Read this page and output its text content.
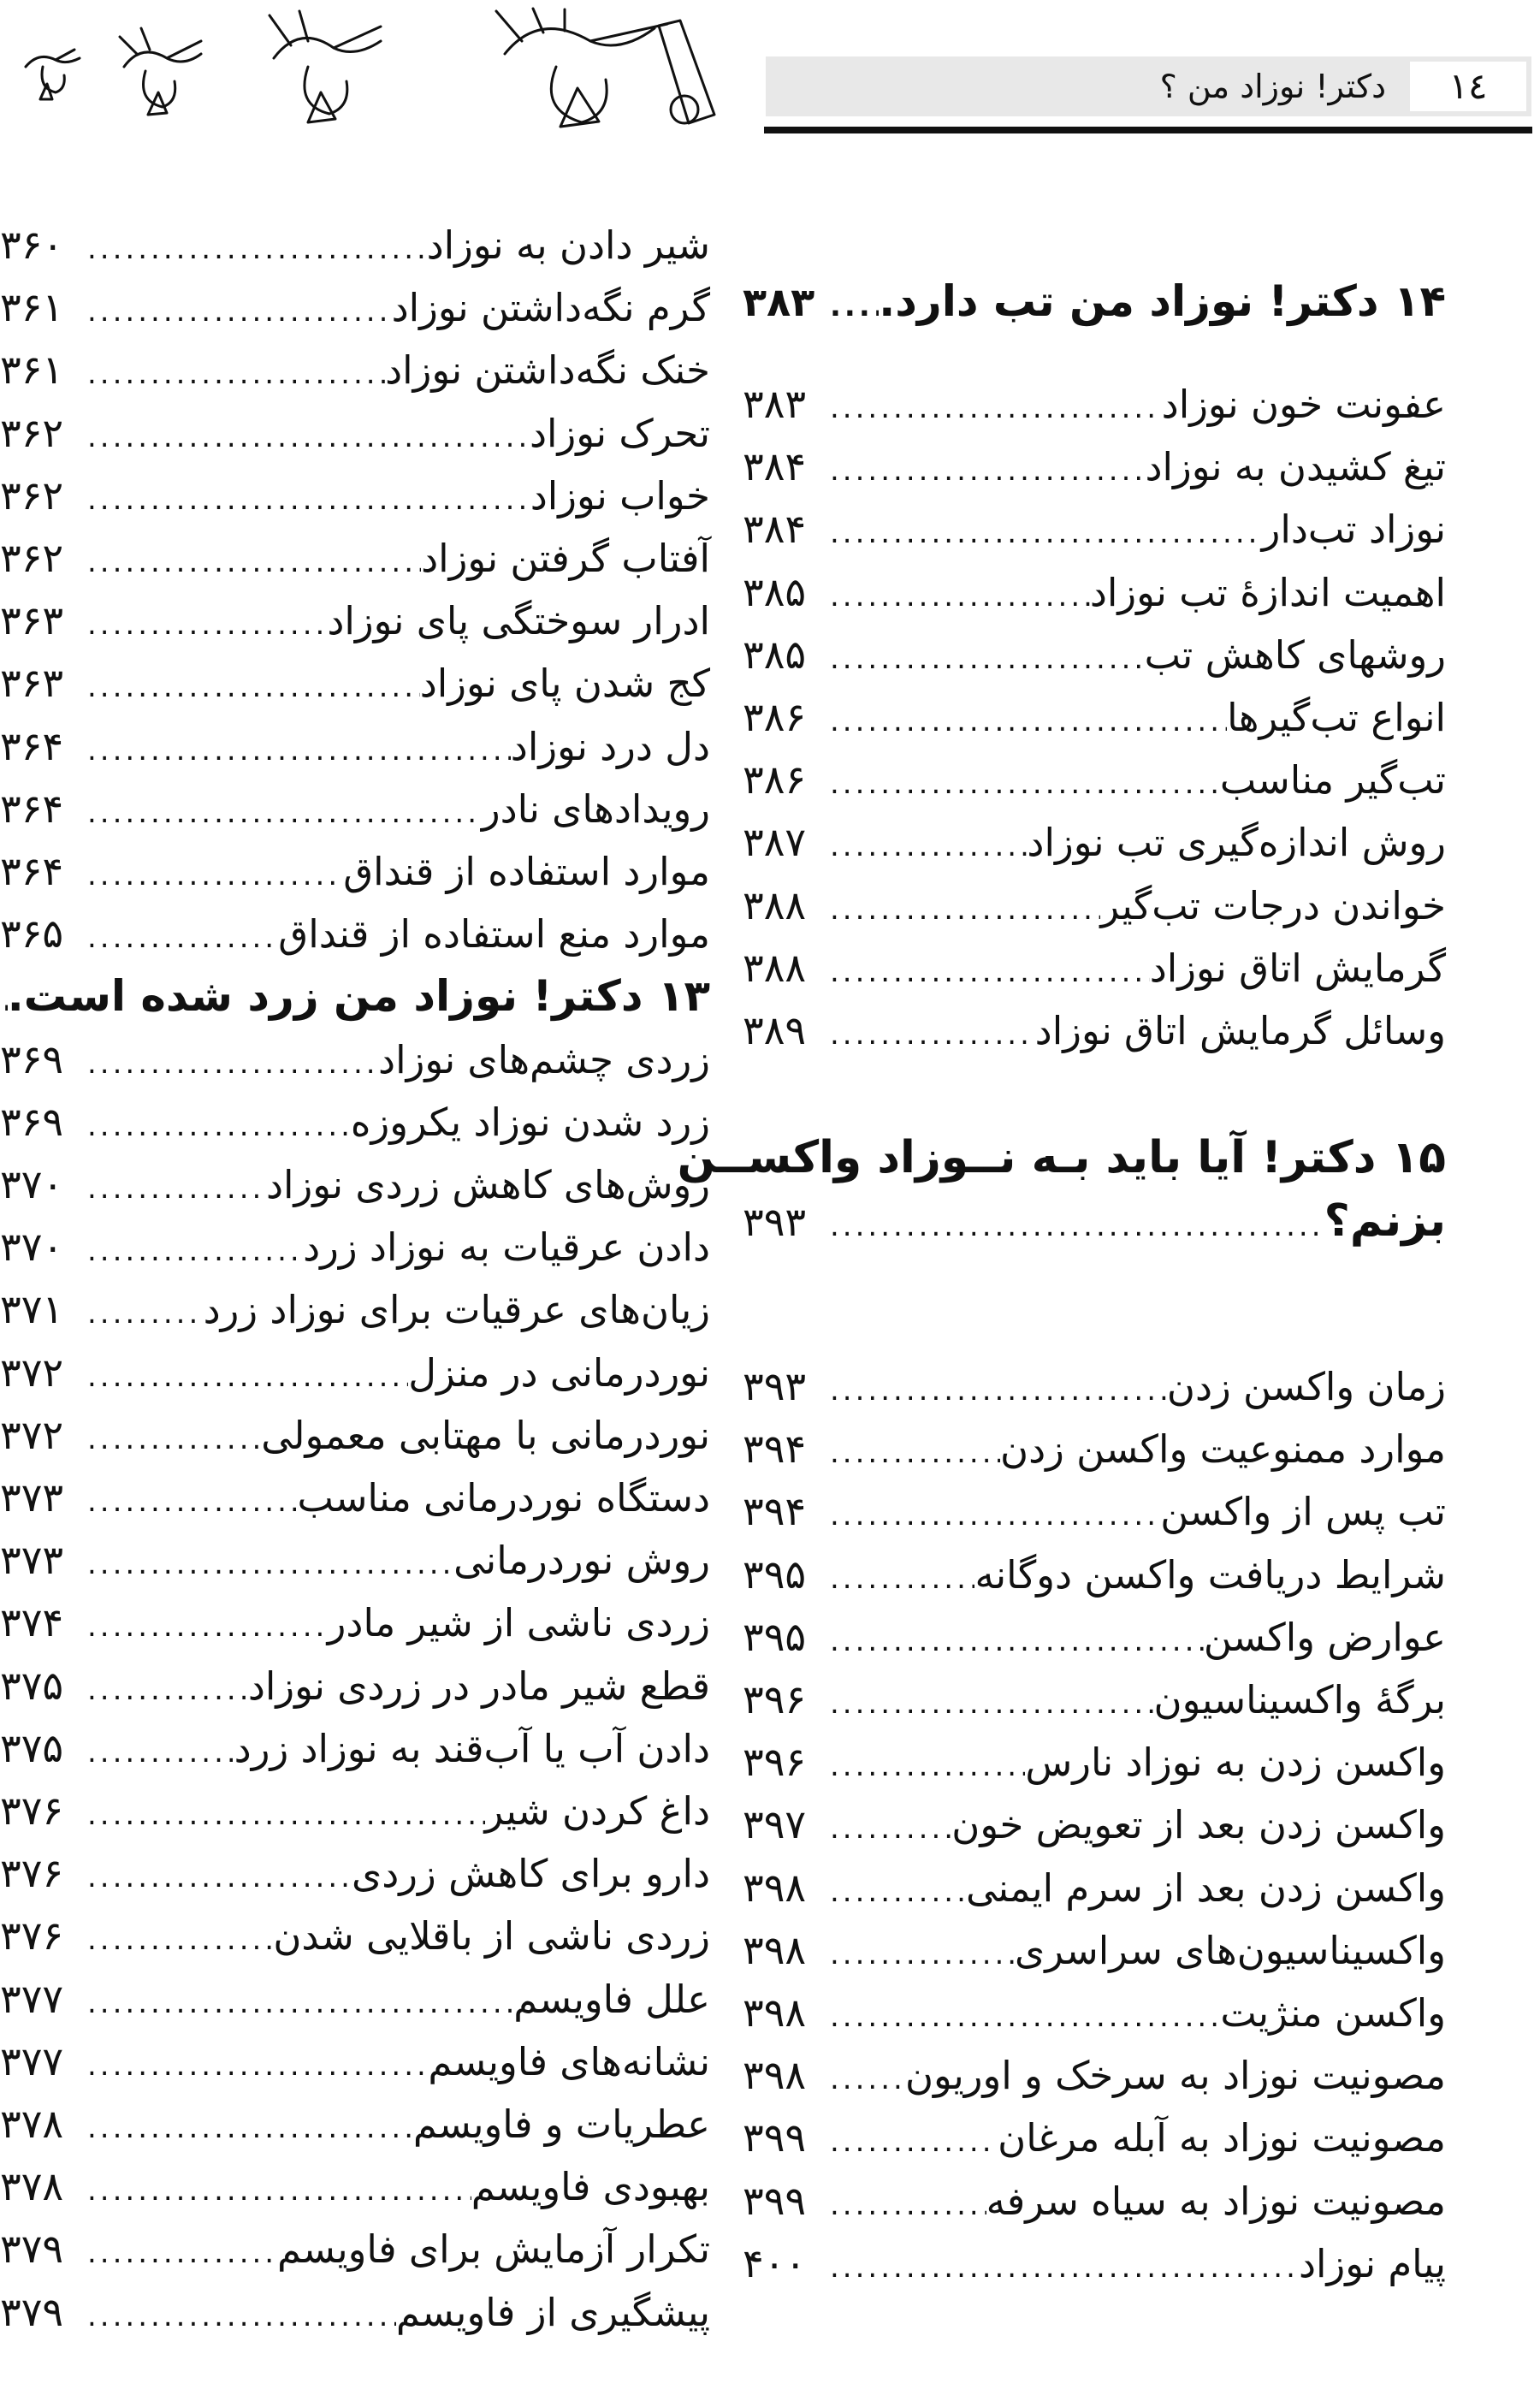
١٤
دکتر! نوزاد من ؟
شیر دادن به نوزاد
.....
۳۶۰
گرم نگه‌داشتن نوزاد
.....
۳۶۱
خنک نگه‌داشتن نوزاد
.....
۳۶۱
تحرک نوزاد
.....
۳۶۲
خواب نوزاد
.....
۳۶۲
آفتاب گرفتن نوزاد
.....
۳۶۲
ادرار سوختگی پای نوزاد
.....
۳۶۳
کج شدن پای نوزاد
.....
۳۶۳
دل درد نوزاد
.....
۳۶۴
رویدادهای نادر
.....
۳۶۴
موارد استفاده از قنداق
.....
۳۶۴
موارد منع استفاده از قنداق
.....
۳۶۵
۱۳ دکتر! نوزاد من زرد شده است.
.....
زردی چشم‌های نوزاد
.....
۳۶۹
زرد شدن نوزاد یکروزه
.....
۳۶۹
روش‌های کاهش زردی نوزاد
.....
۳۷۰
دادن عرقیات به نوزاد زرد
.....
۳۷۰
زیان‌های عرقیات برای نوزاد زرد
.....
۳۷۱
نوردرمانی در منزل
.....
۳۷۲
نوردرمانی با مهتابی معمولی
.....
۳۷۲
دستگاه نوردرمانی مناسب
.....
۳۷۳
روش نوردرمانی
.....
۳۷۳
زردی ناشی از شیر مادر
.....
۳۷۴
قطع شیر مادر در زردی نوزاد
.....
۳۷۵
دادن آب یا آب‌قند به نوزاد زرد
.....
۳۷۵
داغ کردن شیر
.....
۳۷۶
دارو برای کاهش زردی
.....
۳۷۶
زردی ناشی از باقلایی شدن
.....
۳۷۶
علل فاویسم
.....
۳۷۷
نشانه‌های فاویسم
.....
۳۷۷
عطریات و فاویسم
.....
۳۷۸
بهبودی فاویسم
.....
۳۷۸
تکرار آزمایش برای فاویسم
.....
۳۷۹
پیشگیری از فاویسم
.....
۳۷۹
۱۴ دکتر! نوزاد من تب دارد.
.....
۳۸۳
عفونت خون نوزاد
.....
۳۸۳
تیغ کشیدن به نوزاد
.....
۳۸۴
نوزاد تب‌دار
.....
۳۸۴
اهمیت اندازهٔ تب نوزاد
.....
۳۸۵
روشهای کاهش تب
.....
۳۸۵
انواع تب‌گیرها
.....
۳۸۶
تب‌گیر مناسب
.....
۳۸۶
روش اندازه‌گیری تب نوزاد
.....
۳۸۷
خواندن درجات تب‌گیر
.....
۳۸۸
گرمایش اتاق نوزاد
.....
۳۸۸
وسائل گرمایش اتاق نوزاد
.....
۳۸۹
۱۵ دکتر! آیا باید بـه نــوزاد واکســن
بزنم؟
.....
۳۹۳
زمان واکسن زدن
.....
۳۹۳
موارد ممنوعیت واکسن زدن
.....
۳۹۴
تب پس از واکسن
.....
۳۹۴
شرایط دریافت واکسن دوگانه
.....
۳۹۵
عوارض واکسن
.....
۳۹۵
برگهٔ واکسیناسیون
.....
۳۹۶
واکسن زدن به نوزاد نارس
.....
۳۹۶
واکسن زدن بعد از تعویض خون
.....
۳۹۷
واکسن زدن بعد از سرم ایمنی
.....
۳۹۸
واکسیناسیون‌های سراسری
.....
۳۹۸
واکسن منژیت
.....
۳۹۸
مصونیت نوزاد به سرخک و اوریون
.....
۳۹۸
مصونیت نوزاد به آبله مرغان
.....
۳۹۹
مصونیت نوزاد به سیاه سرفه
.....
۳۹۹
پیام نوزاد
.....
۴۰۰
